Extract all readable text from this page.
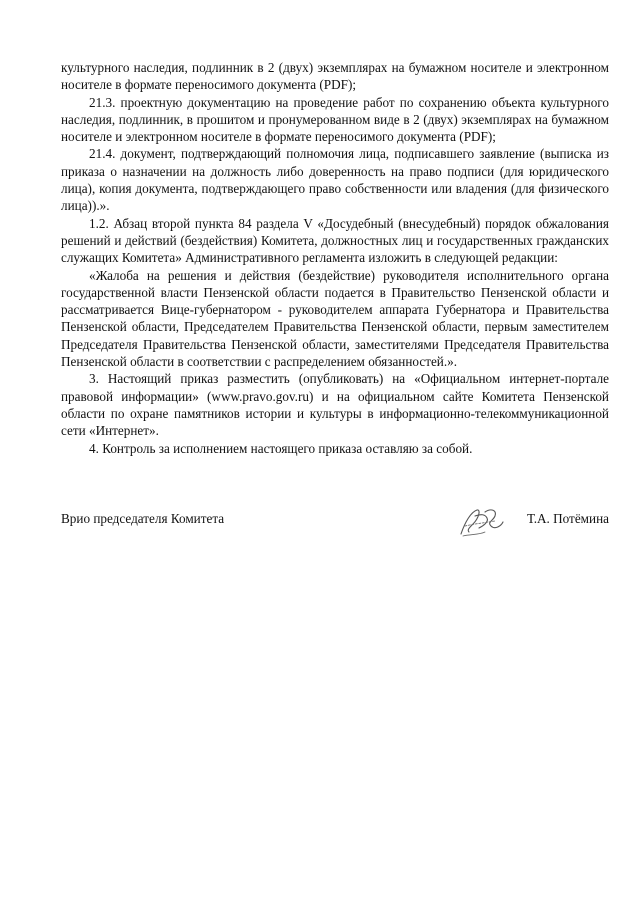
культурного наследия, подлинник в 2 (двух) экземплярах на бумажном носителе и электронном носителе в формате переносимого документа (PDF);

21.3. проектную документацию на проведение работ по сохранению объекта культурного наследия, подлинник, в прошитом и пронумерованном виде в 2 (двух) экземплярах на бумажном носителе и электронном носителе в формате переносимого документа (PDF);

21.4. документ, подтверждающий полномочия лица, подписавшего заявление (выписка из приказа о назначении на должность либо доверенность на право подписи (для юридического лица), копия документа, подтверждающего право собственности или владения (для физического лица)).».

1.2. Абзац второй пункта 84 раздела V «Досудебный (внесудебный) порядок обжалования решений и действий (бездействия) Комитета, должностных лиц и государственных гражданских служащих Комитета» Административного регламента изложить в следующей редакции:

«Жалоба на решения и действия (бездействие) руководителя исполнительного органа государственной власти Пензенской области подается в Правительство Пензенской области и рассматривается Вице-губернатором - руководителем аппарата Губернатора и Правительства Пензенской области, Председателем Правительства Пензенской области, первым заместителем Председателя Правительства Пензенской области, заместителями Председателя Правительства Пензенской области в соответствии с распределением обязанностей.».

3. Настоящий приказ разместить (опубликовать) на «Официальном интернет-портале правовой информации» (www.pravo.gov.ru) и на официальном сайте Комитета Пензенской области по охране памятников истории и культуры в информационно-телекоммуникационной сети «Интернет».

4. Контроль за исполнением настоящего приказа оставляю за собой.

Врио председателя Комитета	Т.А. Потёмина
